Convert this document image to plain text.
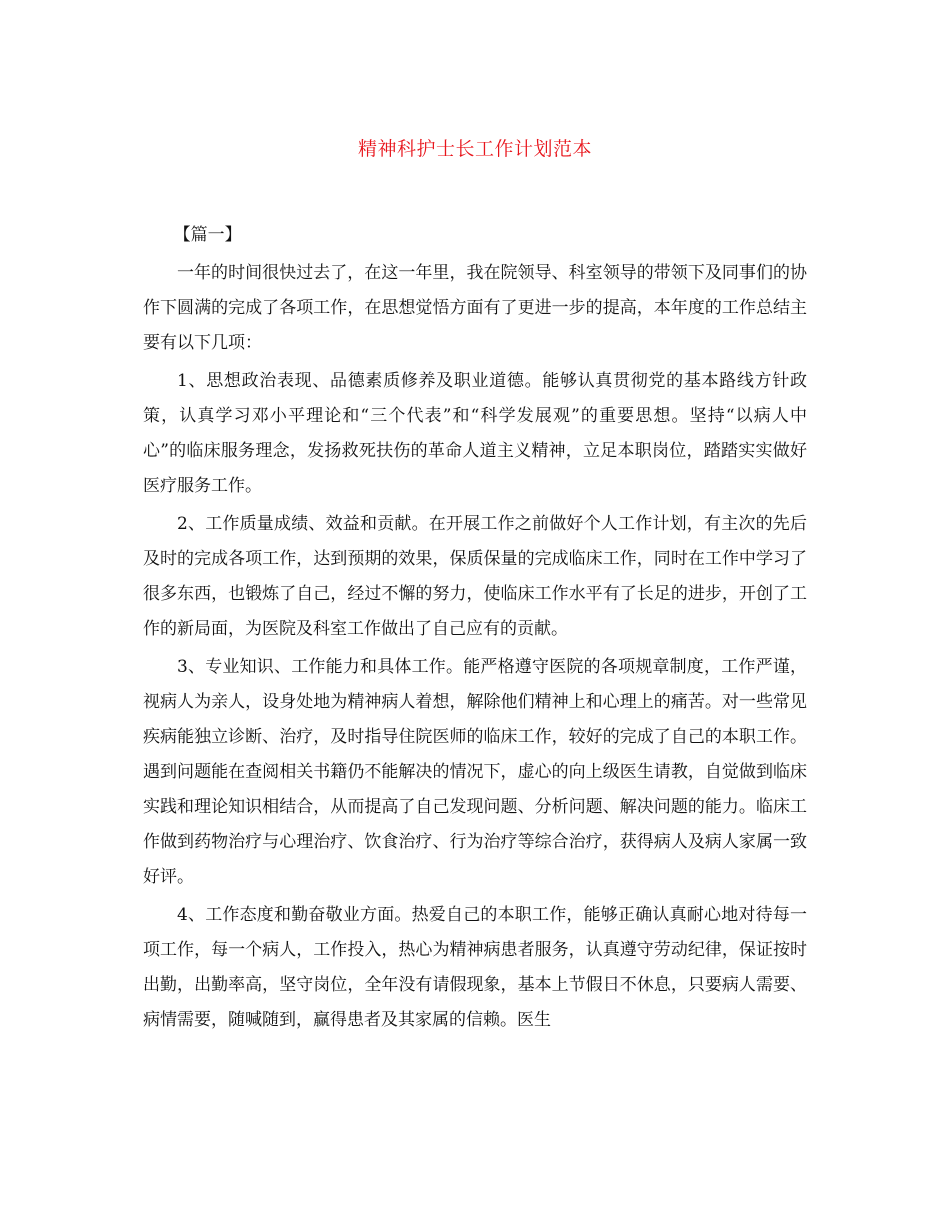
精神科护士长工作计划范本

【篇一】

一年的时间很快过去了，在这一年里，我在院领导、科室领导的带领下及同事们的协作下圆满的完成了各项工作，在思想觉悟方面有了更进一步的提高，本年度的工作总结主要有以下几项：

1、思想政治表现、品德素质修养及职业道德。能够认真贯彻党的基本路线方针政策，认真学习邓小平理论和“三个代表”和“科学发展观”的重要思想。坚持“以病人中心”的临床服务理念，发扬救死扶伤的革命人道主义精神，立足本职岗位，踏踏实实做好医疗服务工作。

2、工作质量成绩、效益和贡献。在开展工作之前做好个人工作计划，有主次的先后及时的完成各项工作，达到预期的效果，保质保量的完成临床工作，同时在工作中学习了很多东西，也锻炼了自己，经过不懈的努力，使临床工作水平有了长足的进步，开创了工作的新局面，为医院及科室工作做出了自己应有的贡献。

3、专业知识、工作能力和具体工作。能严格遵守医院的各项规章制度，工作严谨，视病人为亲人，设身处地为精神病人着想，解除他们精神上和心理上的痛苦。对一些常见疾病能独立诊断、治疗，及时指导住院医师的临床工作，较好的完成了自己的本职工作。遇到问题能在查阅相关书籍仍不能解决的情况下，虚心的向上级医生请教，自觉做到临床实践和理论知识相结合，从而提高了自己发现问题、分析问题、解决问题的能力。临床工作做到药物治疗与心理治疗、饮食治疗、行为治疗等综合治疗，获得病人及病人家属一致好评。

4、工作态度和勤奋敬业方面。热爱自己的本职工作，能够正确认真耐心地对待每一项工作，每一个病人，工作投入，热心为精神病患者服务，认真遵守劳动纪律，保证按时出勤，出勤率高，坚守岗位，全年没有请假现象，基本上节假日不休息，只要病人需要、病情需要，随喊随到，赢得患者及其家属的信赖。医生
